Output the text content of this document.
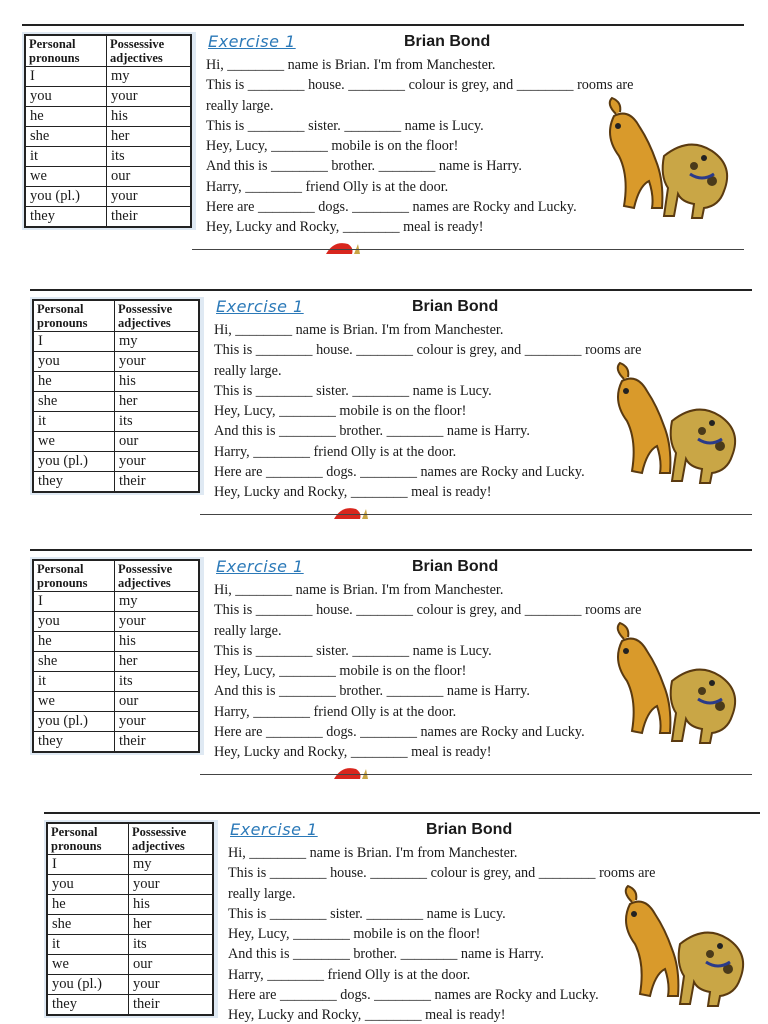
Personal pronouns	Possessive adjectives
I	my
you	your
he	his
she	her
it	its
we	our
you (pl.)	your
they	their
Exercise 1	Brian Bond
Hi, ________ name is Brian. I'm from Manchester.
This is ________ house. ________ colour is grey, and ________ rooms are
really large.
This is ________ sister. ________ name is Lucy.
Hey, Lucy, ________ mobile is on the floor!
And this is ________ brother. ________ name is Harry.
Harry, ________ friend Olly is at the door.
Here are ________ dogs. ________ names are Rocky and Lucky.
Hey, Lucky and Rocky, ________ meal is ready!
Personal pronouns	Possessive adjectives
I	my
you	your
he	his
she	her
it	its
we	our
you (pl.)	your
they	their
Exercise 1	Brian Bond
Hi, ________ name is Brian. I'm from Manchester.
This is ________ house. ________ colour is grey, and ________ rooms are
really large.
This is ________ sister. ________ name is Lucy.
Hey, Lucy, ________ mobile is on the floor!
And this is ________ brother. ________ name is Harry.
Harry, ________ friend Olly is at the door.
Here are ________ dogs. ________ names are Rocky and Lucky.
Hey, Lucky and Rocky, ________ meal is ready!
Personal pronouns	Possessive adjectives
I	my
you	your
he	his
she	her
it	its
we	our
you (pl.)	your
they	their
Exercise 1	Brian Bond
Hi, ________ name is Brian. I'm from Manchester.
This is ________ house. ________ colour is grey, and ________ rooms are
really large.
This is ________ sister. ________ name is Lucy.
Hey, Lucy, ________ mobile is on the floor!
And this is ________ brother. ________ name is Harry.
Harry, ________ friend Olly is at the door.
Here are ________ dogs. ________ names are Rocky and Lucky.
Hey, Lucky and Rocky, ________ meal is ready!
Personal pronouns	Possessive adjectives
I	my
you	your
he	his
she	her
it	its
we	our
you (pl.)	your
they	their
Exercise 1	Brian Bond
Hi, ________ name is Brian. I'm from Manchester.
This is ________ house. ________ colour is grey, and ________ rooms are
really large.
This is ________ sister. ________ name is Lucy.
Hey, Lucy, ________ mobile is on the floor!
And this is ________ brother. ________ name is Harry.
Harry, ________ friend Olly is at the door.
Here are ________ dogs. ________ names are Rocky and Lucky.
Hey, Lucky and Rocky, ________ meal is ready!
